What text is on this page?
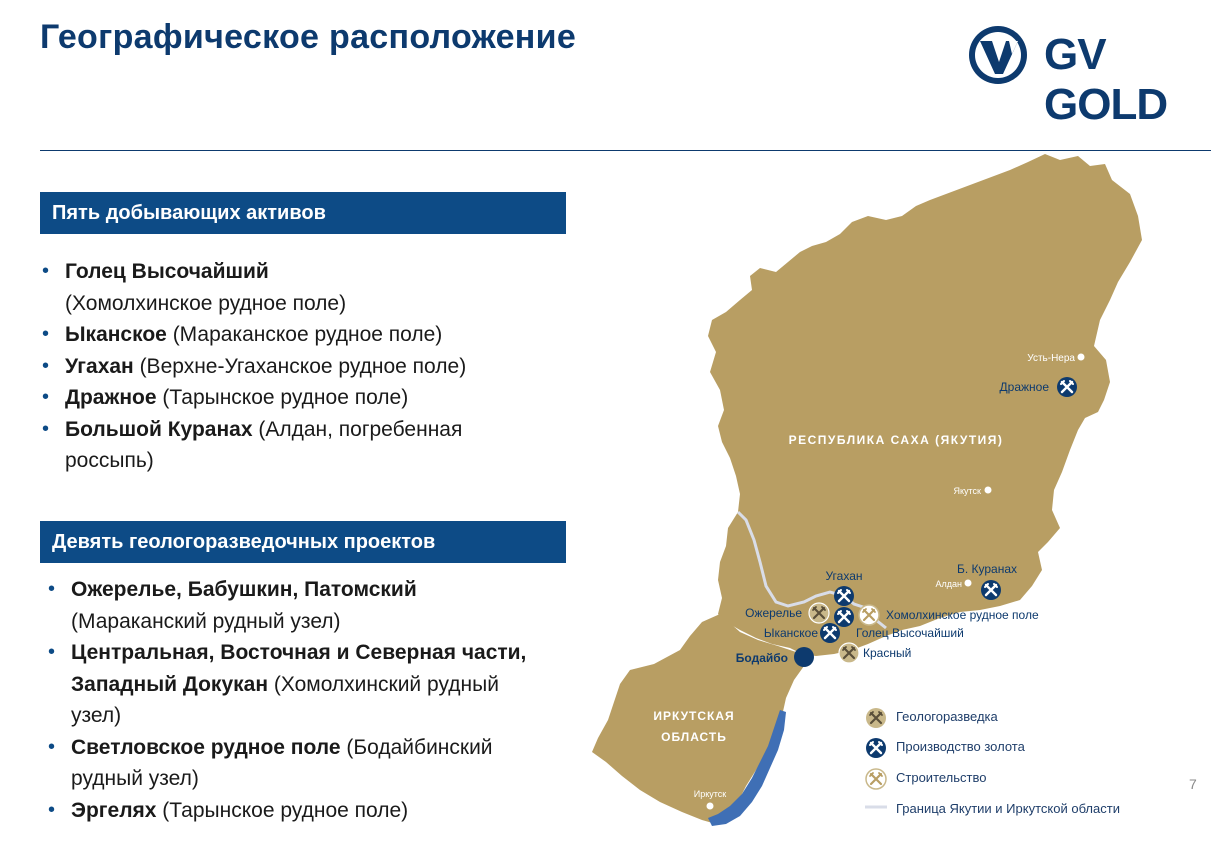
Географическое расположение	GV GOLD
Пять добывающих активов
• Голец Высочайший
(Хомолхинское рудное поле)
• Ыканское (Мараканское рудное поле)
• Угахан (Верхне-Угаханское рудное поле)
• Дражное (Тарынское рудное поле)
• Большой Куранах (Алдан, погребенная россыпь)
Девять геологоразведочных проектов
• Ожерелье, Бабушкин, Патомский
(Мараканский рудный узел)
• Центральная, Восточная и Северная части, Западный Докукан (Хомолхинский рудный узел)
• Светловское рудное поле (Бодайбинский рудный узел)
• Эргелях (Тарынское рудное поле)
РЕСПУБЛИКА САХА (ЯКУТИЯ)
ИРКУТСКАЯ
ОБЛАСТЬ
Усть-Нера
Якутск
Алдан
Иркутск
Бодайбо
Дражное
Б. Куранах
Угахан
Ожерелье	Хомолхинское рудное поле
Ыканское	Голец Высочайший
Красный
Геологоразведка
Производство золота
Строительство
Граница Якутии и Иркутской области
7
